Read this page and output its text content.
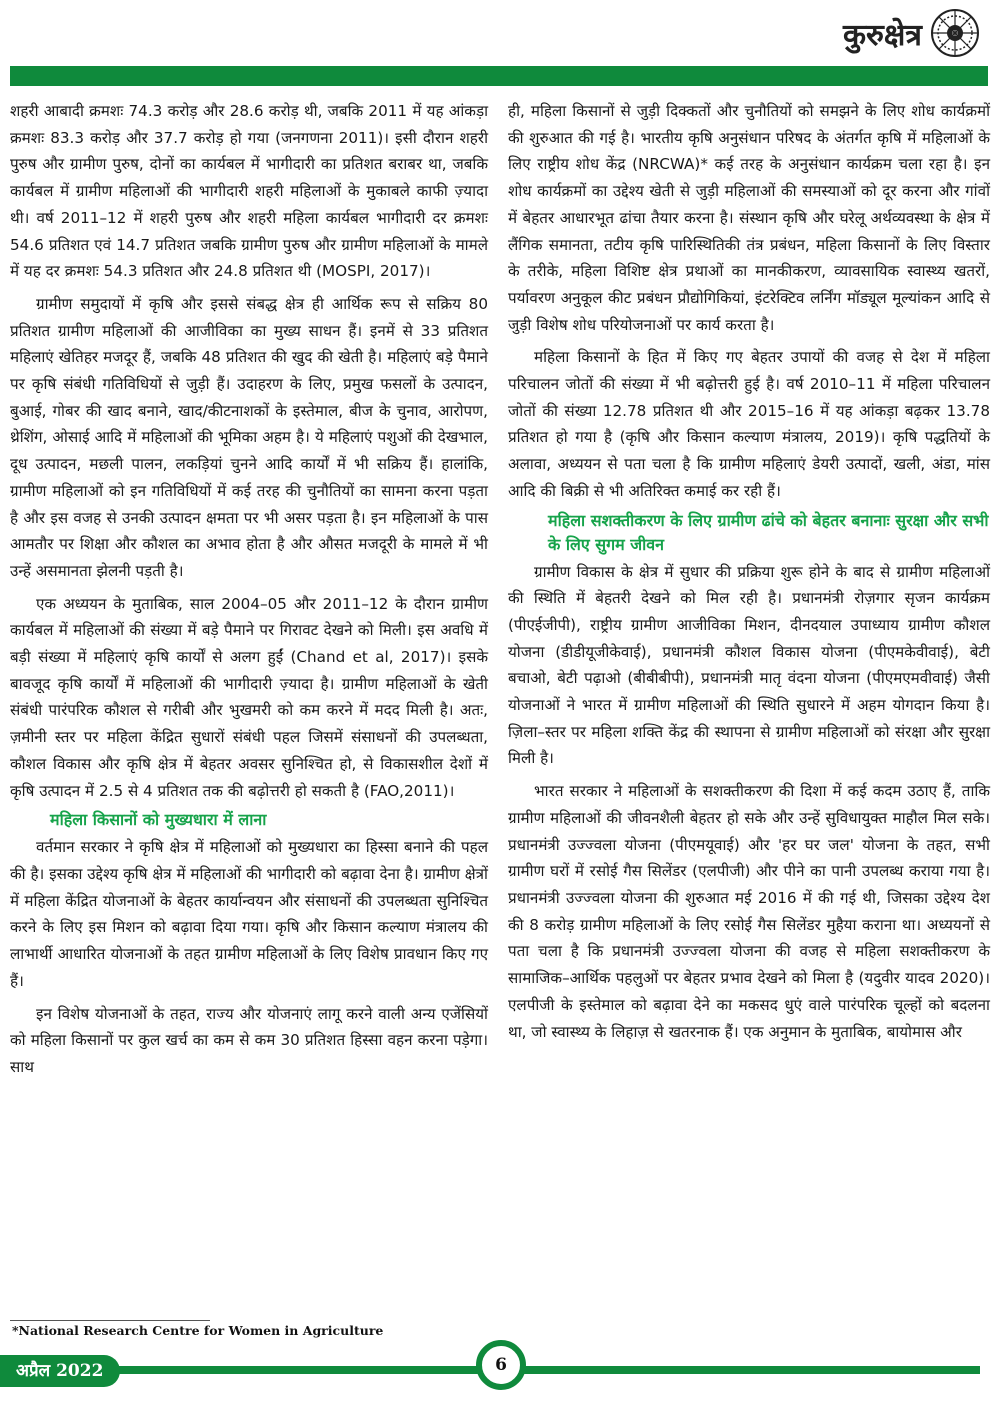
कुरुक्षेत्र

शहरी आबादी क्रमशः 74.3 करोड़ और 28.6 करोड़ थी, जबकि 2011 में यह आंकड़ा क्रमशः 83.3 करोड़ और 37.7 करोड़ हो गया (जनगणना 2011)। इसी दौरान शहरी पुरुष और ग्रामीण पुरुष, दोनों का कार्यबल में भागीदारी का प्रतिशत बराबर था, जबकि कार्यबल में ग्रामीण महिलाओं की भागीदारी शहरी महिलाओं के मुकाबले काफी ज़्यादा थी। वर्ष 2011–12 में शहरी पुरुष और शहरी महिला कार्यबल भागीदारी दर क्रमशः 54.6 प्रतिशत एवं 14.7 प्रतिशत जबकि ग्रामीण पुरुष और ग्रामीण महिलाओं के मामले में यह दर क्रमशः 54.3 प्रतिशत और 24.8 प्रतिशत थी (MOSPI, 2017)।

ग्रामीण समुदायों में कृषि और इससे संबद्ध क्षेत्र ही आर्थिक रूप से सक्रिय 80 प्रतिशत ग्रामीण महिलाओं की आजीविका का मुख्य साधन हैं। इनमें से 33 प्रतिशत महिलाएं खेतिहर मजदूर हैं, जबकि 48 प्रतिशत की खुद की खेती है। महिलाएं बड़े पैमाने पर कृषि संबंधी गतिविधियों से जुड़ी हैं। उदाहरण के लिए, प्रमुख फसलों के उत्पादन, बुआई, गोबर की खाद बनाने, खाद/कीटनाशकों के इस्तेमाल, बीज के चुनाव, आरोपण, थ्रेशिंग, ओसाई आदि में महिलाओं की भूमिका अहम है। ये महिलाएं पशुओं की देखभाल, दूध उत्पादन, मछली पालन, लकड़ियां चुनने आदि कार्यों में भी सक्रिय हैं। हालांकि, ग्रामीण महिलाओं को इन गतिविधियों में कई तरह की चुनौतियों का सामना करना पड़ता है और इस वजह से उनकी उत्पादन क्षमता पर भी असर पड़ता है। इन महिलाओं के पास आमतौर पर शिक्षा और कौशल का अभाव होता है और औसत मजदूरी के मामले में भी उन्हें असमानता झेलनी पड़ती है।

एक अध्ययन के मुताबिक, साल 2004–05 और 2011–12 के दौरान ग्रामीण कार्यबल में महिलाओं की संख्या में बड़े पैमाने पर गिरावट देखने को मिली। इस अवधि में बड़ी संख्या में महिलाएं कृषि कार्यों से अलग हुईं (Chand et al, 2017)। इसके बावजूद कृषि कार्यों में महिलाओं की भागीदारी ज़्यादा है। ग्रामीण महिलाओं के खेती संबंधी पारंपरिक कौशल से गरीबी और भुखमरी को कम करने में मदद मिली है। अतः, ज़मीनी स्तर पर महिला केंद्रित सुधारों संबंधी पहल जिसमें संसाधनों की उपलब्धता, कौशल विकास और कृषि क्षेत्र में बेहतर अवसर सुनिश्चित हो, से विकासशील देशों में कृषि उत्पादन में 2.5 से 4 प्रतिशत तक की बढ़ोत्तरी हो सकती है (FAO,2011)।

महिला किसानों को मुख्यधारा में लाना

वर्तमान सरकार ने कृषि क्षेत्र में महिलाओं को मुख्यधारा का हिस्सा बनाने की पहल की है। इसका उद्देश्य कृषि क्षेत्र में महिलाओं की भागीदारी को बढ़ावा देना है। ग्रामीण क्षेत्रों में महिला केंद्रित योजनाओं के बेहतर कार्यान्वयन और संसाधनों की उपलब्धता सुनिश्चित करने के लिए इस मिशन को बढ़ावा दिया गया। कृषि और किसान कल्याण मंत्रालय की लाभार्थी आधारित योजनाओं के तहत ग्रामीण महिलाओं के लिए विशेष प्रावधान किए गए हैं।

इन विशेष योजनाओं के तहत, राज्य और योजनाएं लागू करने वाली अन्य एजेंसियों को महिला किसानों पर कुल खर्च का कम से कम 30 प्रतिशत हिस्सा वहन करना पड़ेगा। साथ

ही, महिला किसानों से जुड़ी दिक्कतों और चुनौतियों को समझने के लिए शोध कार्यक्रमों की शुरुआत की गई है। भारतीय कृषि अनुसंधान परिषद के अंतर्गत कृषि में महिलाओं के लिए राष्ट्रीय शोध केंद्र (NRCWA)* कई तरह के अनुसंधान कार्यक्रम चला रहा है। इन शोध कार्यक्रमों का उद्देश्य खेती से जुड़ी महिलाओं की समस्याओं को दूर करना और गांवों में बेहतर आधारभूत ढांचा तैयार करना है। संस्थान कृषि और घरेलू अर्थव्यवस्था के क्षेत्र में लैंगिक समानता, तटीय कृषि पारिस्थितिकी तंत्र प्रबंधन, महिला किसानों के लिए विस्तार के तरीके, महिला विशिष्ट क्षेत्र प्रथाओं का मानकीकरण, व्यावसायिक स्वास्थ्य खतरों, पर्यावरण अनुकूल कीट प्रबंधन प्रौद्योगिकियां, इंटरेक्टिव लर्निंग मॉड्यूल मूल्यांकन आदि से जुड़ी विशेष शोध परियोजनाओं पर कार्य करता है।

महिला किसानों के हित में किए गए बेहतर उपायों की वजह से देश में महिला परिचालन जोतों की संख्या में भी बढ़ोत्तरी हुई है। वर्ष 2010–11 में महिला परिचालन जोतों की संख्या 12.78 प्रतिशत थी और 2015–16 में यह आंकड़ा बढ़कर 13.78 प्रतिशत हो गया है (कृषि और किसान कल्याण मंत्रालय, 2019)। कृषि पद्धतियों के अलावा, अध्ययन से पता चला है कि ग्रामीण महिलाएं डेयरी उत्पादों, खली, अंडा, मांस आदि की बिक्री से भी अतिरिक्त कमाई कर रही हैं।

महिला सशक्तीकरण के लिए ग्रामीण ढांचे को बेहतर बनानाः सुरक्षा और सभी के लिए सुगम जीवन

ग्रामीण विकास के क्षेत्र में सुधार की प्रक्रिया शुरू होने के बाद से ग्रामीण महिलाओं की स्थिति में बेहतरी देखने को मिल रही है। प्रधानमंत्री रोज़गार सृजन कार्यक्रम (पीएईजीपी), राष्ट्रीय ग्रामीण आजीविका मिशन, दीनदयाल उपाध्याय ग्रामीण कौशल योजना (डीडीयूजीकेवाई), प्रधानमंत्री कौशल विकास योजना (पीएमकेवीवाई), बेटी बचाओ, बेटी पढ़ाओ (बीबीबीपी), प्रधानमंत्री मातृ वंदना योजना (पीएमएमवीवाई) जैसी योजनाओं ने भारत में ग्रामीण महिलाओं की स्थिति सुधारने में अहम योगदान किया है। ज़िला–स्तर पर महिला शक्ति केंद्र की स्थापना से ग्रामीण महिलाओं को संरक्षा और सुरक्षा मिली है।

भारत सरकार ने महिलाओं के सशक्तीकरण की दिशा में कई कदम उठाए हैं, ताकि ग्रामीण महिलाओं की जीवनशैली बेहतर हो सके और उन्हें सुविधायुक्त माहौल मिल सके। प्रधानमंत्री उज्ज्वला योजना (पीएमयूवाई) और 'हर घर जल' योजना के तहत, सभी ग्रामीण घरों में रसोई गैस सिलेंडर (एलपीजी) और पीने का पानी उपलब्ध कराया गया है। प्रधानमंत्री उज्ज्वला योजना की शुरुआत मई 2016 में की गई थी, जिसका उद्देश्य देश की 8 करोड़ ग्रामीण महिलाओं के लिए रसोई गैस सिलेंडर मुहैया कराना था। अध्ययनों से पता चला है कि प्रधानमंत्री उज्ज्वला योजना की वजह से महिला सशक्तीकरण के सामाजिक–आर्थिक पहलुओं पर बेहतर प्रभाव देखने को मिला है (यदुवीर यादव 2020)। एलपीजी के इस्तेमाल को बढ़ावा देने का मकसद धुएं वाले पारंपरिक चूल्हों को बदलना था, जो स्वास्थ्य के लिहाज़ से खतरनाक हैं। एक अनुमान के मुताबिक, बायोमास और

*National Research Centre for Women in Agriculture
अप्रैल 2022	6
